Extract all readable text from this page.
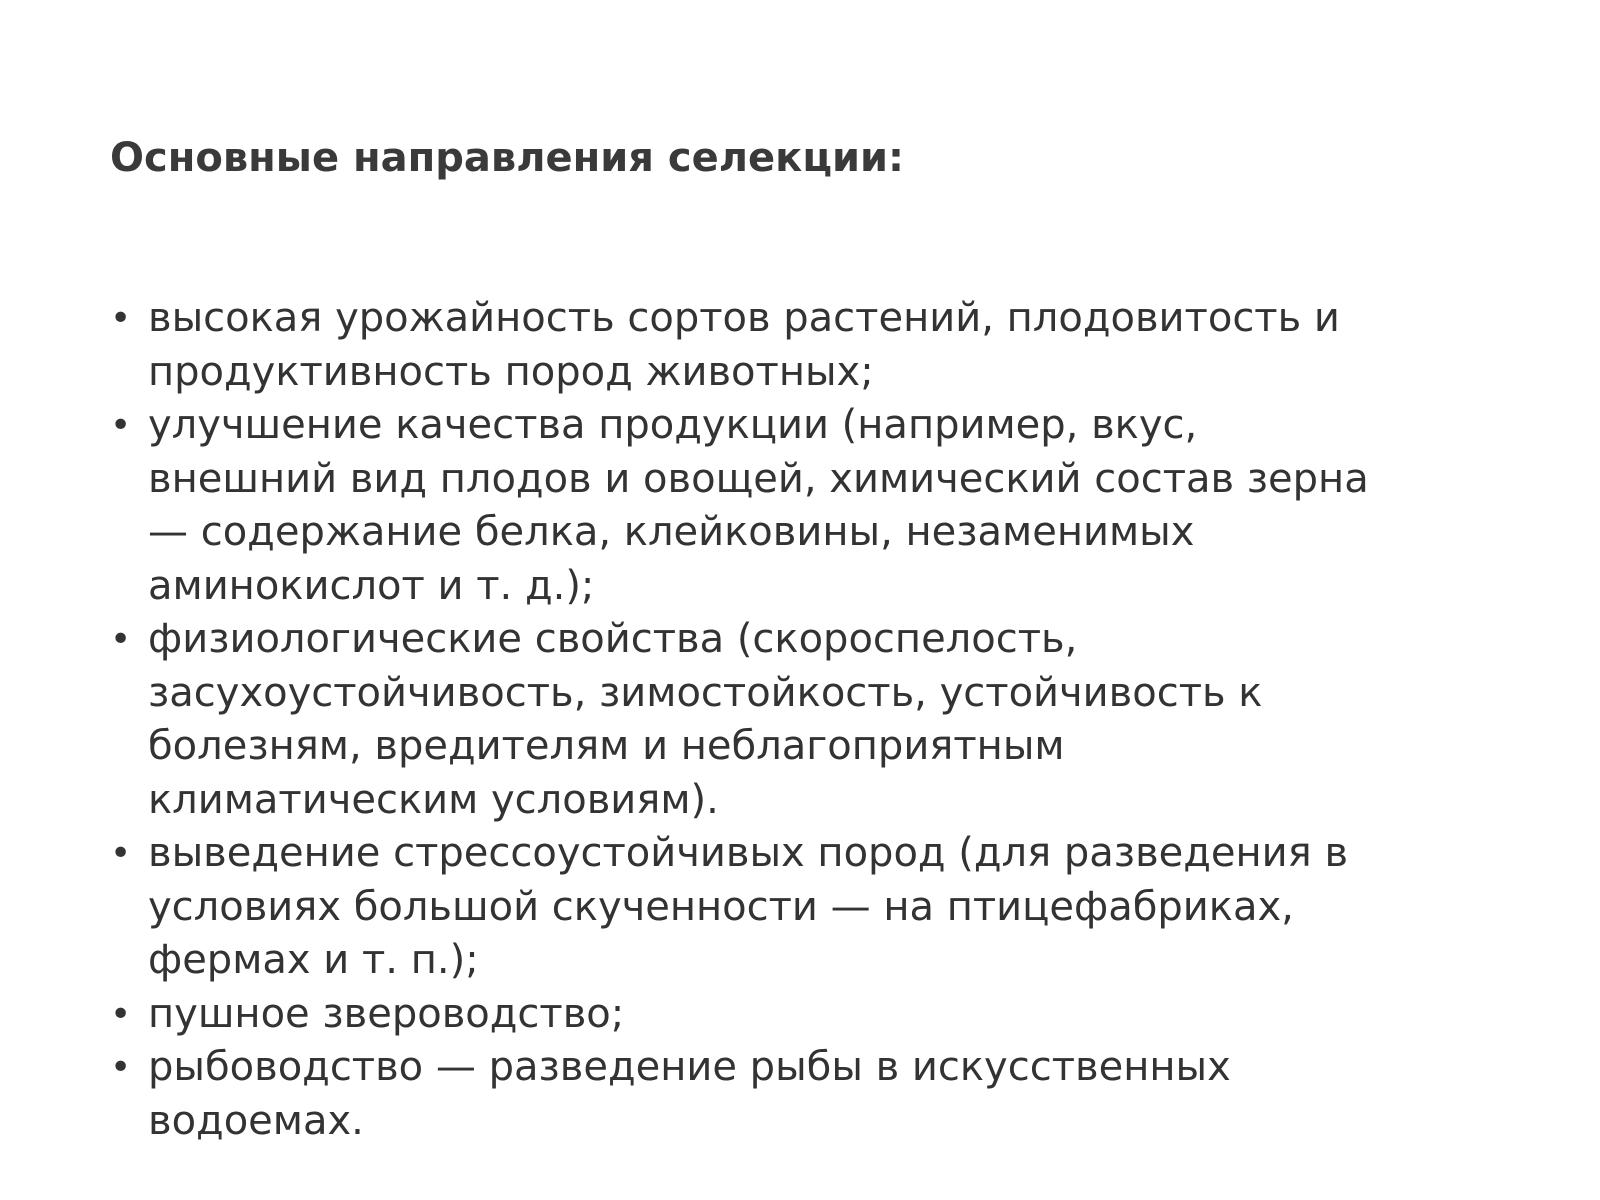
Основные направления селекции:
• высокая урожайность сортов растений, плодовитость и
продуктивность пород животных;
• улучшение качества продукции (например, вкус,
внешний вид плодов и овощей, химический состав зерна
— содержание белка, клейковины, незаменимых
аминокислот и т. д.);
• физиологические свойства (скороспелость,
засухоустойчивость, зимостойкость, устойчивость к
болезням, вредителям и неблагоприятным
климатическим условиям).
• выведение стрессоустойчивых пород (для разведения в
условиях большой скученности — на птицефабриках,
фермах и т. п.);
• пушное звероводство;
• рыбоводство — разведение рыбы в искусственных
водоемах.
